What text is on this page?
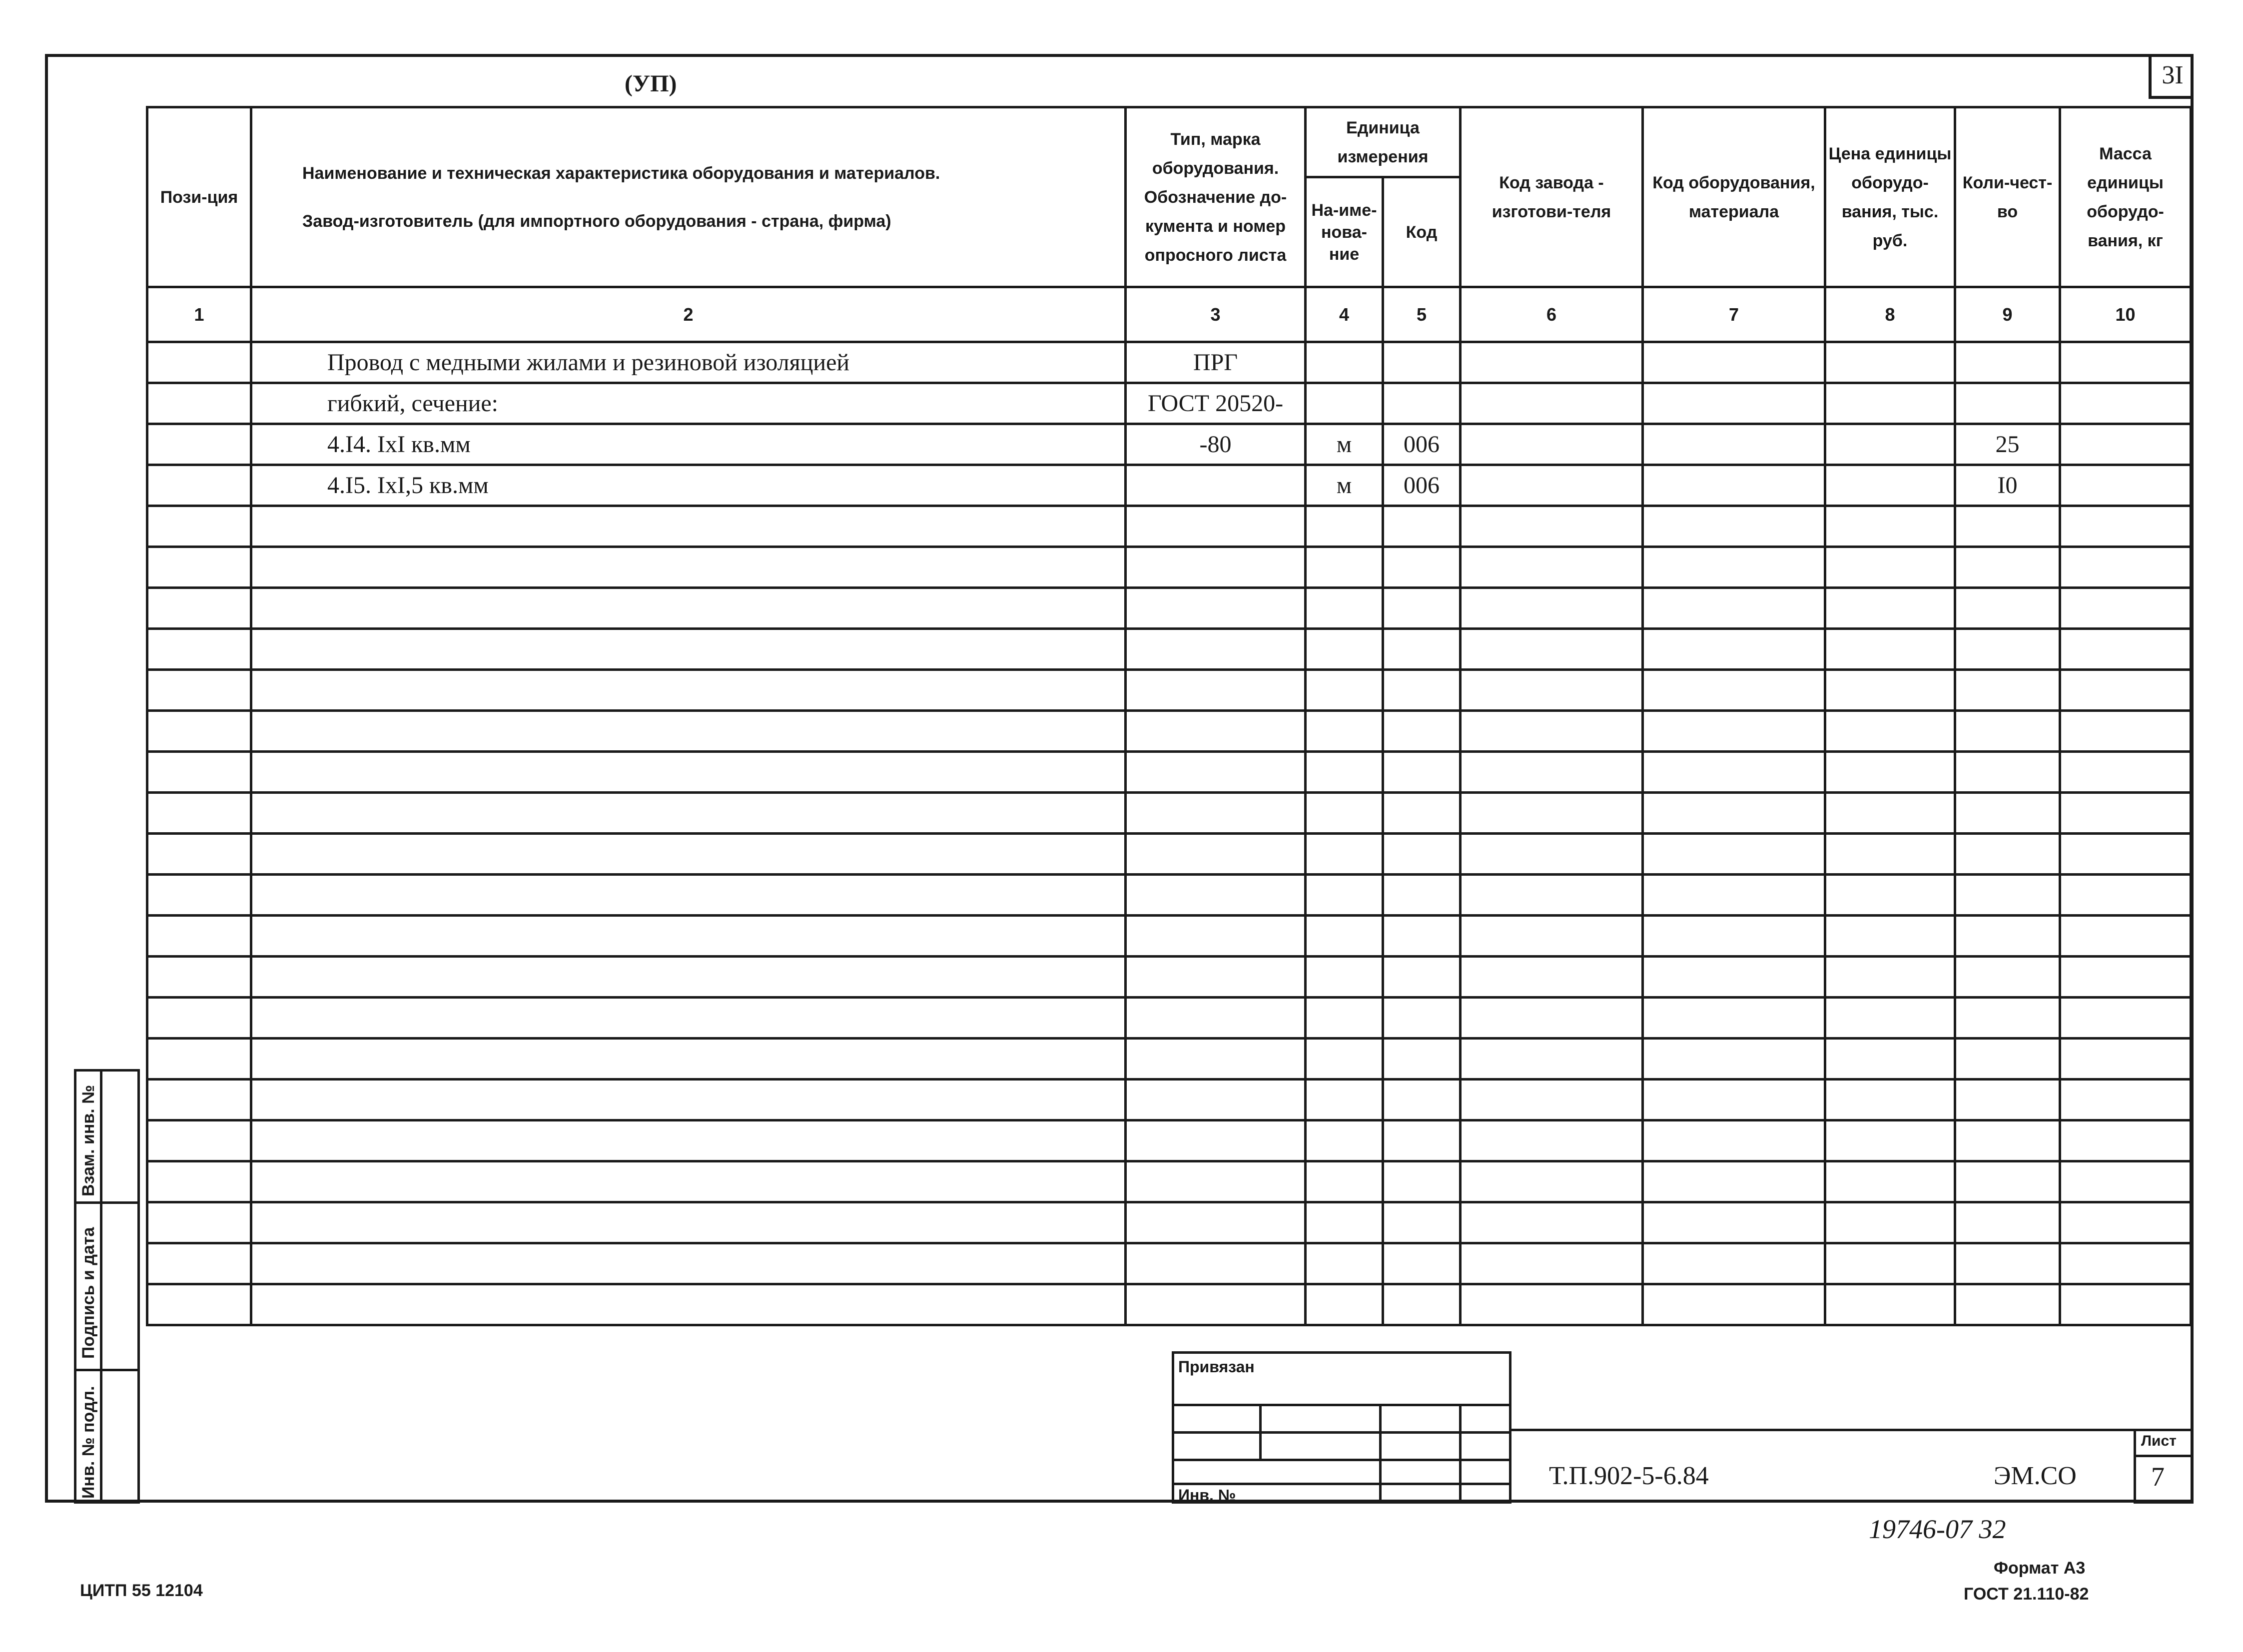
3I
(УП)
Пози-ция	Наименование и техническая характеристика оборудования и материалов.
Завод-изготовитель (для импортного оборудования - страна, фирма)	Тип, марка оборудования. Обозначение до-кумента и номер опросного листа	Единица измерения		Код завода - изготови-теля	Код оборудования, материала	Цена единицы оборудо-вания, тыс. руб.	Коли-чест-во	Масса единицы оборудо-вания, кг
			На-име-нова-ние	Код					
1	2	3	4	5	6	7	8	9	10
	Провод с медными жилами и резиновой изоляцией	ПРГ							
	гибкий, сечение:	ГОСТ 20520-							
	4.I4. IxI кв.мм	-80	м	006				25	
	4.I5. IxI,5 кв.мм		м	006				I0	

Взам. инв. №
Подпись и дата
Инв. № подл.
Привязан
Инв. №
Лист
7
Т.П.902-5-6.84	ЭМ.СО
19746-07 32
Формат А3
ГОСТ 21.110-82
ЦИТП 55 12104
